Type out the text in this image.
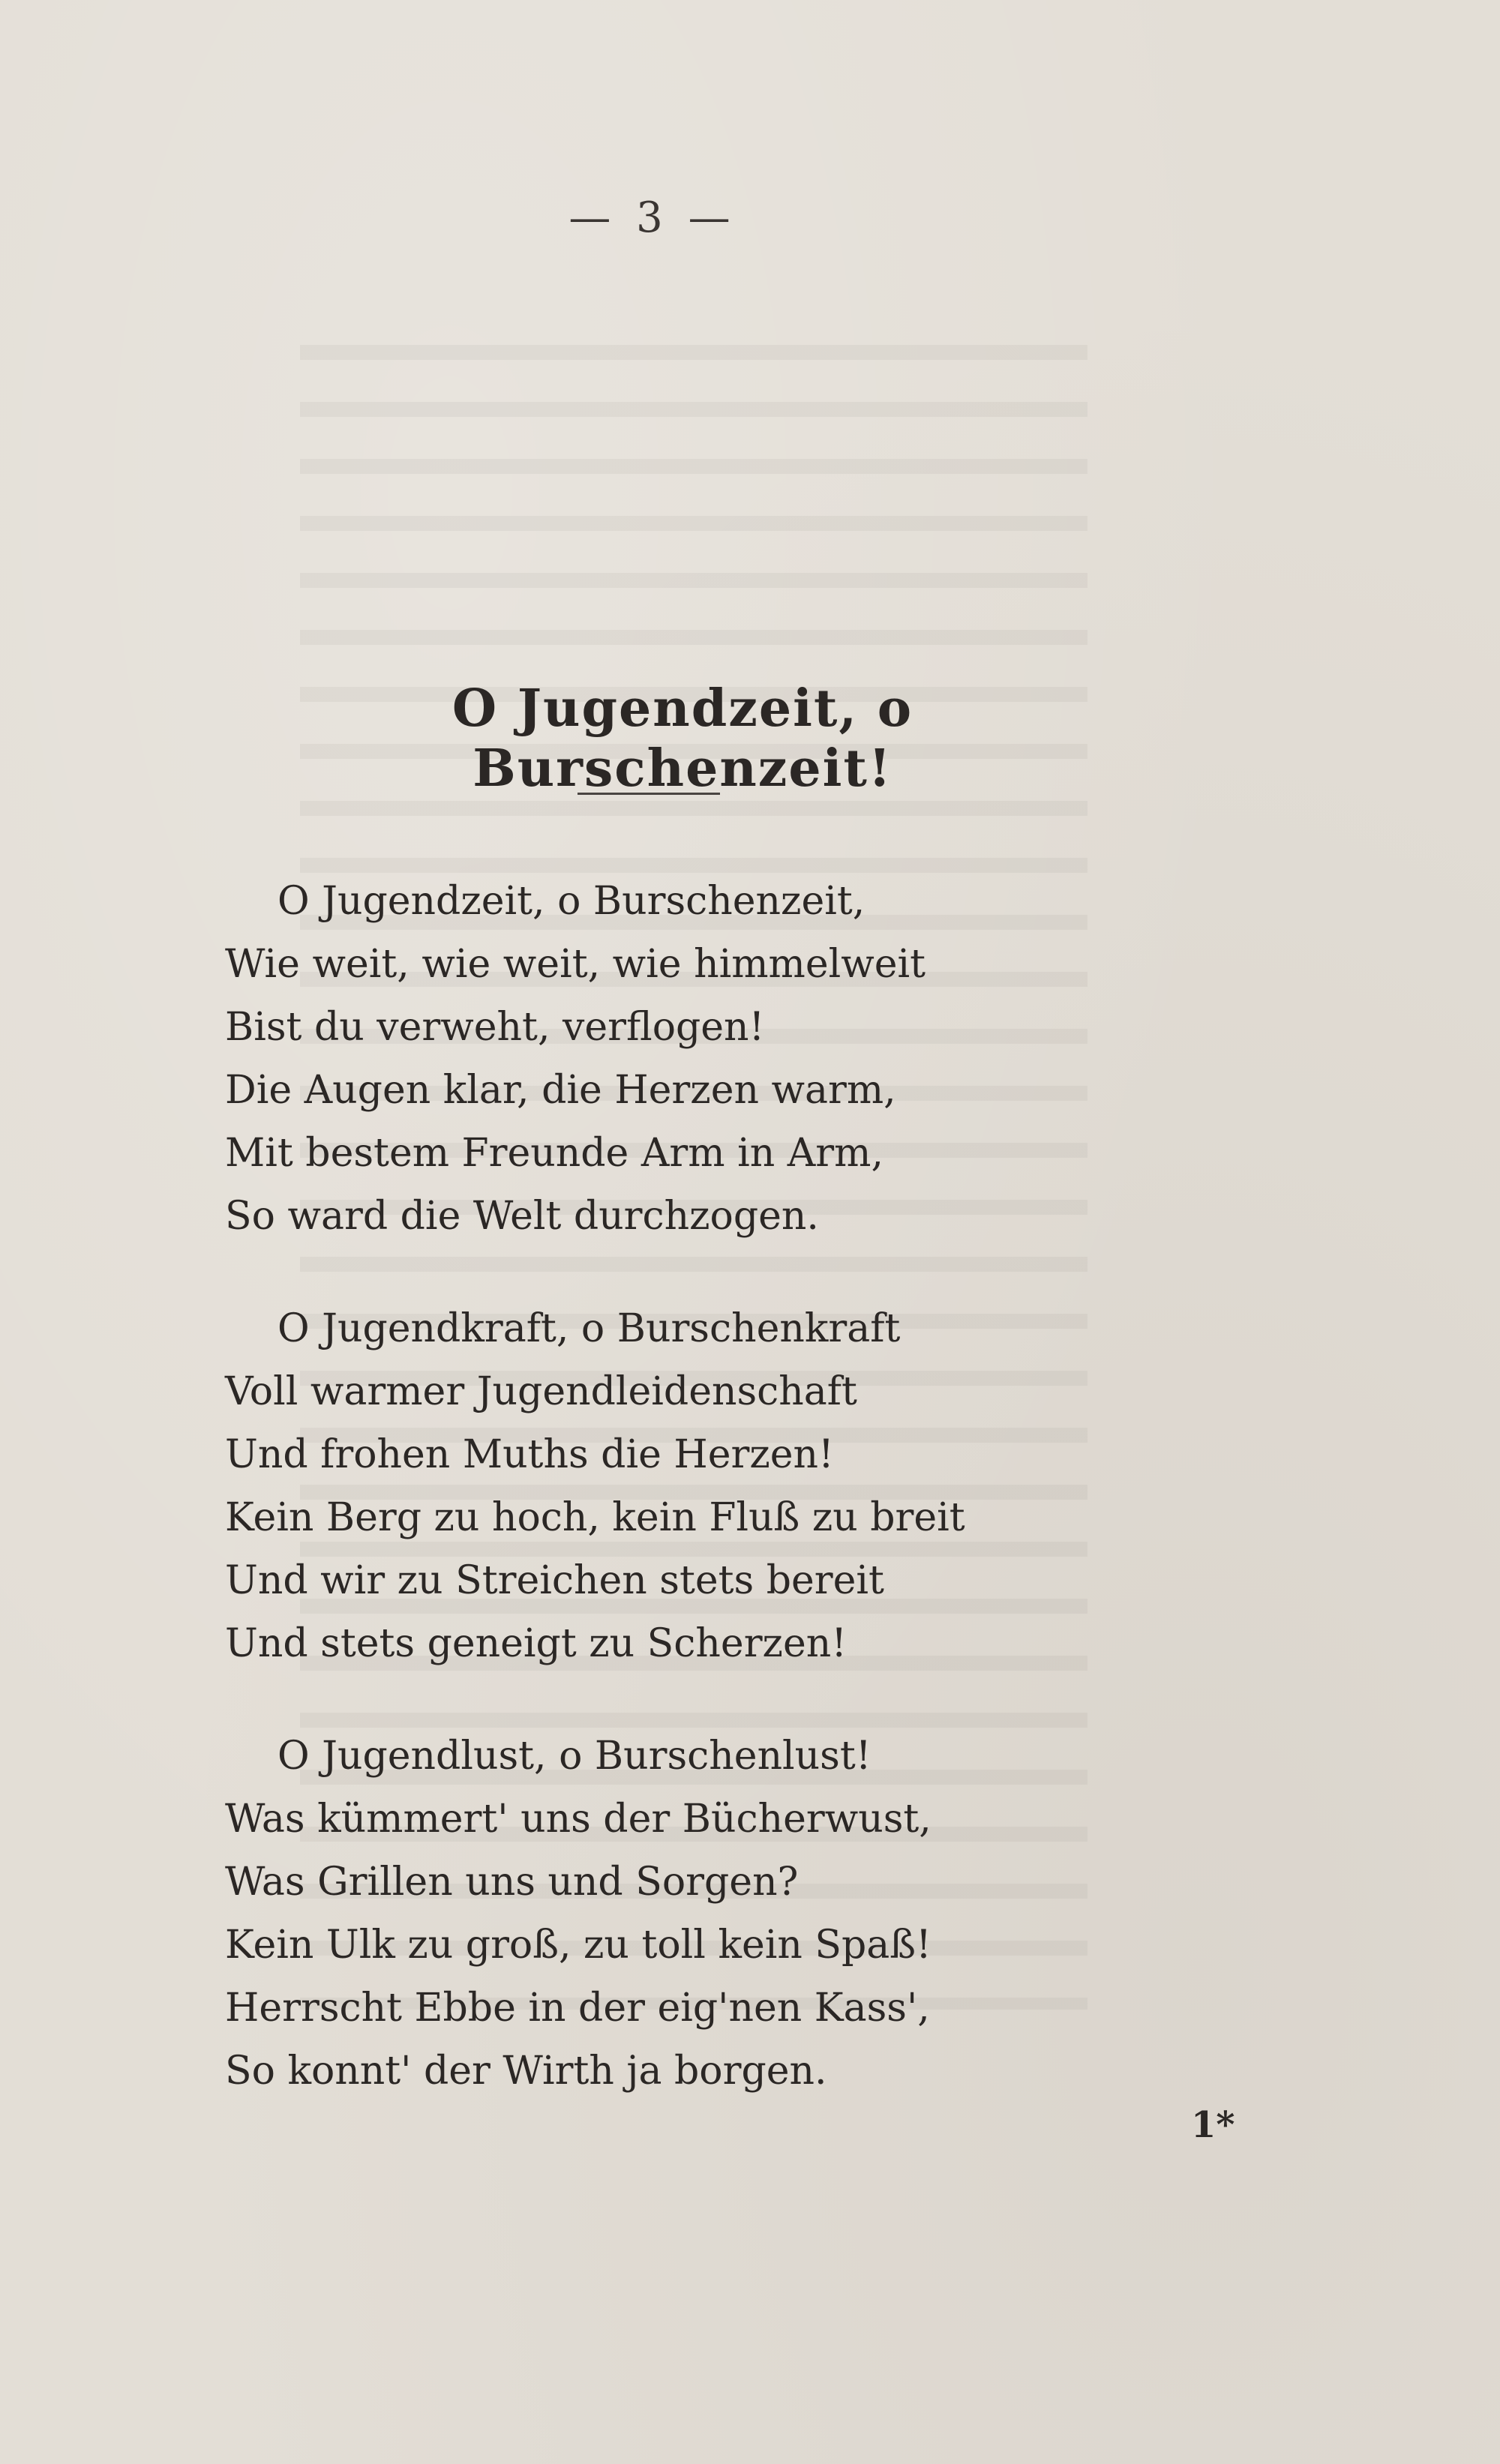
— 3 —
O Jugendzeit, o Burschenzeit!
O Jugendzeit, o Burschenzeit,
Wie weit, wie weit, wie himmelweit
Bist du verweht, verflogen!
Die Augen klar, die Herzen warm,
Mit bestem Freunde Arm in Arm,
So ward die Welt durchzogen.
O Jugendkraft, o Burschenkraft
Voll warmer Jugendleidenschaft
Und frohen Muths die Herzen!
Kein Berg zu hoch, kein Fluß zu breit
Und wir zu Streichen stets bereit
Und stets geneigt zu Scherzen!
O Jugendlust, o Burschenlust!
Was kümmert' uns der Bücherwust,
Was Grillen uns und Sorgen?
Kein Ulk zu groß, zu toll kein Spaß!
Herrscht Ebbe in der eig'nen Kass',
So konnt' der Wirth ja borgen.
1*
